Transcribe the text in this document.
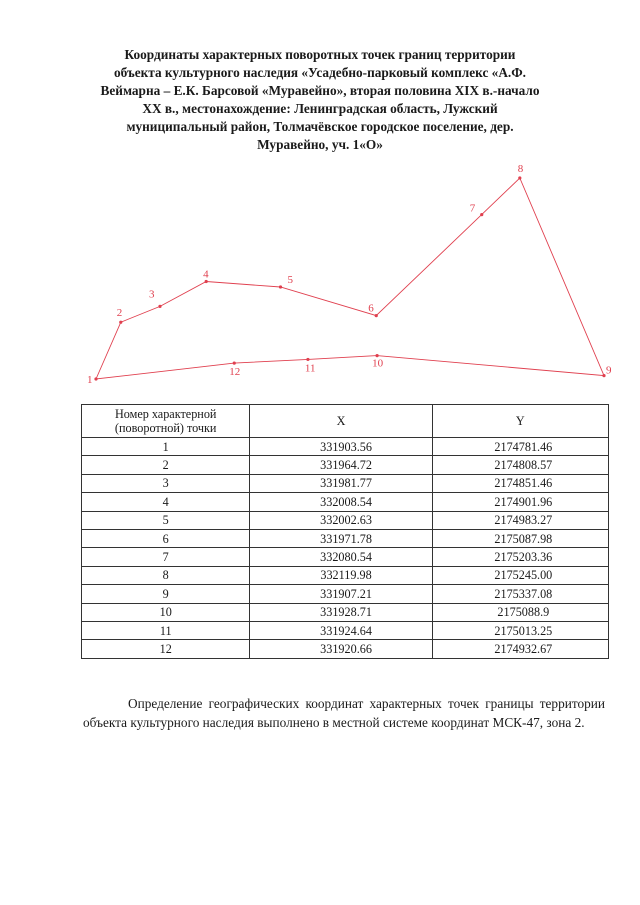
Координаты характерных поворотных точек границ территории
объекта культурного наследия «Усадебно-парковый комплекс «А.Ф.
Веймарна – Е.К. Барсовой «Муравейно», вторая половина XIX в.-начало
XX в., местонахождение: Ленинградская область, Лужский
муниципальный район, Толмачёвское городское поселение, дер.
Муравейно, уч. 1«О»
1
2
3
4	5
6
7
8
9
10
11
12
Номер характерной (поворотной) точки	X	Y
1	331903.56	2174781.46
2	331964.72	2174808.57
3	331981.77	2174851.46
4	332008.54	2174901.96
5	332002.63	2174983.27
6	331971.78	2175087.98
7	332080.54	2175203.36
8	332119.98	2175245.00
9	331907.21	2175337.08
10	331928.71	2175088.9
11	331924.64	2175013.25
12	331920.66	2174932.67

Определение географических координат характерных точек границы территории объекта культурного наследия выполнено в местной системе координат МСК-47, зона 2.
